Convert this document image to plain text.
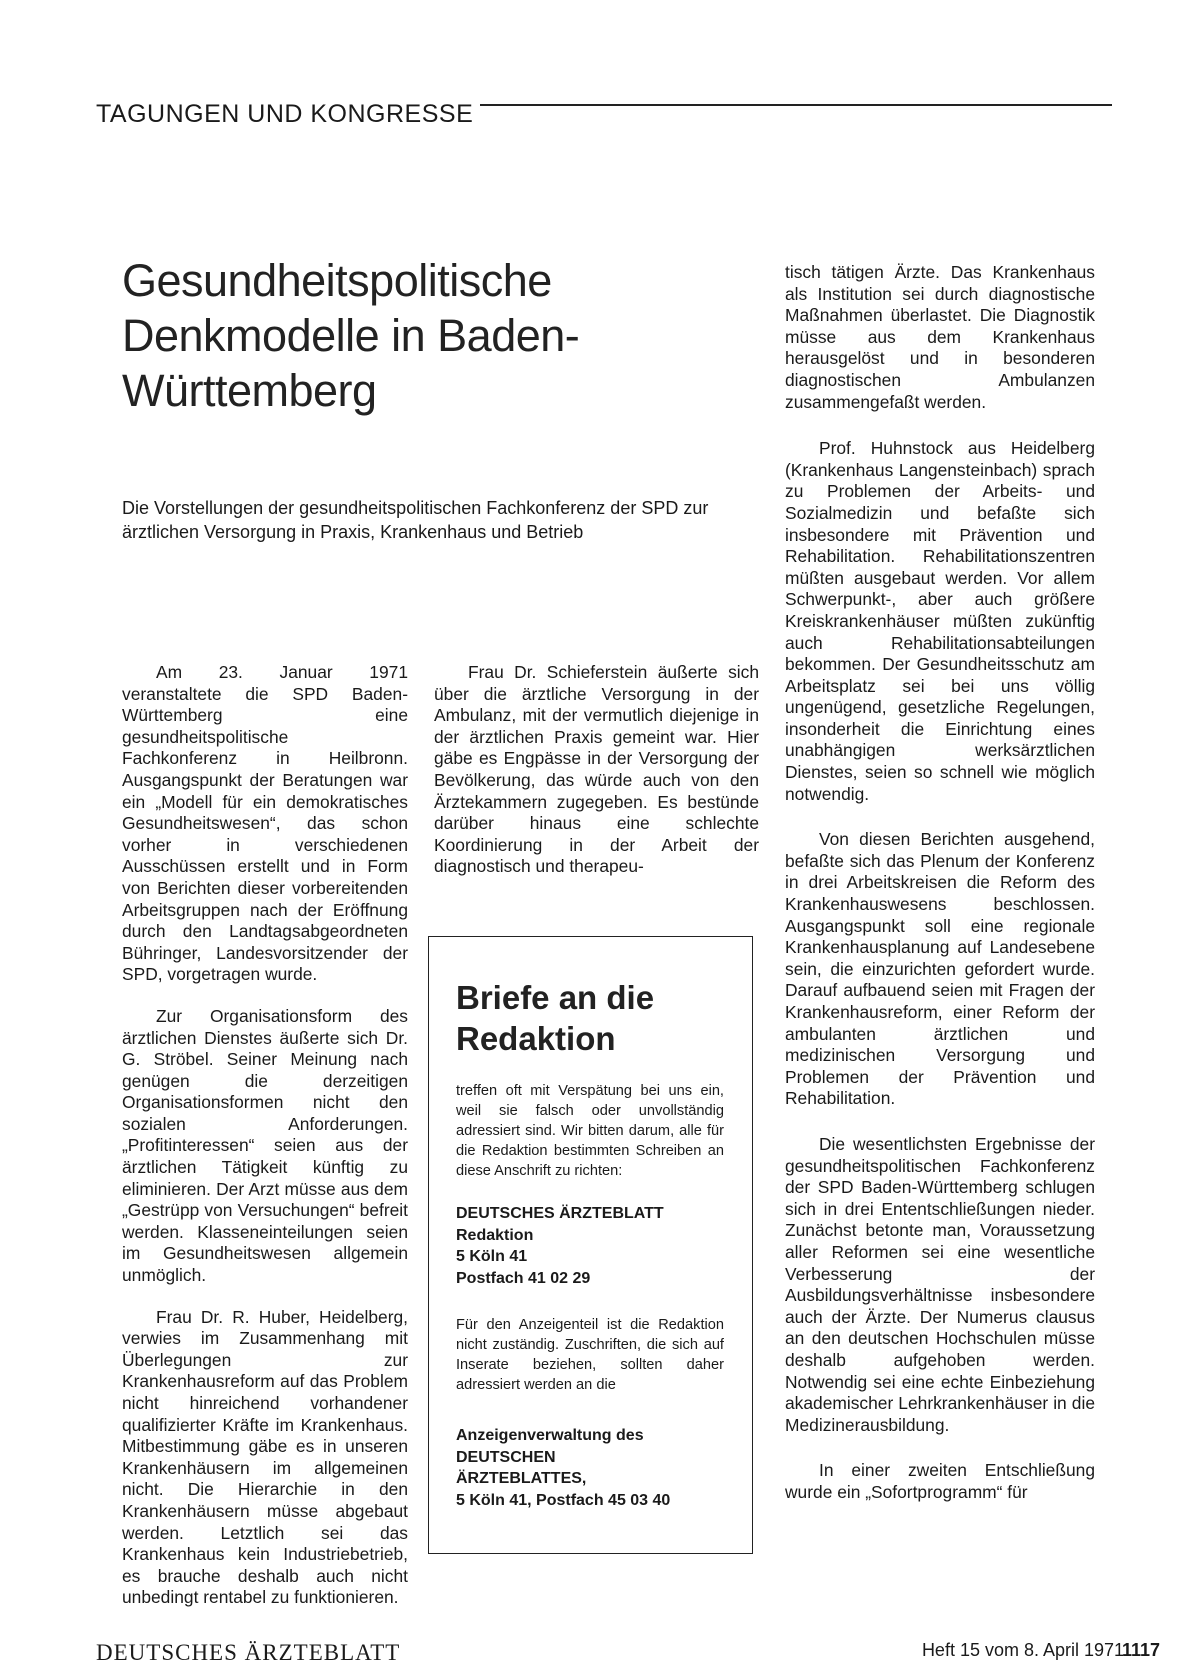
TAGUNGEN UND KONGRESSE
Gesundheitspolitische Denkmodelle in Baden-Württemberg
Die Vorstellungen der gesundheitspolitischen Fachkonferenz der SPD zur ärztlichen Versorgung in Praxis, Krankenhaus und Betrieb

Am 23. Januar 1971 veranstaltete die SPD Baden-Württemberg eine gesundheitspolitische Fachkonferenz in Heilbronn. Ausgangspunkt der Beratungen war ein „Modell für ein demokratisches Gesundheitswesen“, das schon vorher in verschiedenen Ausschüssen erstellt und in Form von Berichten dieser vorbereitenden Arbeitsgruppen nach der Eröffnung durch den Landtagsabgeordneten Bühringer, Landesvorsitzender der SPD, vorgetragen wurde.

Zur Organisationsform des ärztlichen Dienstes äußerte sich Dr. G. Ströbel. Seiner Meinung nach genügen die derzeitigen Organisationsformen nicht den sozialen Anforderungen. „Profitinteressen“ seien aus der ärztlichen Tätigkeit künftig zu eliminieren. Der Arzt müsse aus dem „Gestrüpp von Versuchungen“ befreit werden. Klasseneinteilungen seien im Gesundheitswesen allgemein unmöglich.

Frau Dr. R. Huber, Heidelberg, verwies im Zusammenhang mit Überlegungen zur Krankenhausreform auf das Problem nicht hinreichend vorhandener qualifizierter Kräfte im Krankenhaus. Mitbestimmung gäbe es in unseren Krankenhäusern im allgemeinen nicht. Die Hierarchie in den Krankenhäusern müsse abgebaut werden. Letztlich sei das Krankenhaus kein Industriebetrieb, es brauche deshalb auch nicht unbedingt rentabel zu funktionieren.

Frau Dr. Schieferstein äußerte sich über die ärztliche Versorgung in der Ambulanz, mit der vermutlich diejenige in der ärztlichen Praxis gemeint war. Hier gäbe es Engpässe in der Versorgung der Bevölkerung, das würde auch von den Ärztekammern zugegeben. Es bestünde darüber hinaus eine schlechte Koordinierung in der Arbeit der diagnostisch und therapeu-

Briefe an die Redaktion

treffen oft mit Verspätung bei uns ein, weil sie falsch oder unvollständig adressiert sind. Wir bitten darum, alle für die Redaktion bestimmten Schreiben an diese Anschrift zu richten:

DEUTSCHES ÄRZTEBLATT

Redaktion

5 Köln 41

Postfach 41 02 29

Für den Anzeigenteil ist die Redaktion nicht zuständig. Zuschriften, die sich auf Inserate beziehen, sollten daher adressiert werden an die

Anzeigenverwaltung des

DEUTSCHEN

ÄRZTEBLATTES,

5 Köln 41, Postfach 45 03 40

tisch tätigen Ärzte. Das Krankenhaus als Institution sei durch diagnostische Maßnahmen überlastet. Die Diagnostik müsse aus dem Krankenhaus herausgelöst und in besonderen diagnostischen Ambulanzen zusammengefaßt werden.

Prof. Huhnstock aus Heidelberg (Krankenhaus Langensteinbach) sprach zu Problemen der Arbeits- und Sozialmedizin und befaßte sich insbesondere mit Prävention und Rehabilitation. Rehabilitationszentren müßten ausgebaut werden. Vor allem Schwerpunkt-, aber auch größere Kreiskrankenhäuser müßten zukünftig auch Rehabilitationsabteilungen bekommen. Der Gesundheitsschutz am Arbeitsplatz sei bei uns völlig ungenügend, gesetzliche Regelungen, insonderheit die Einrichtung eines unabhängigen werksärztlichen Dienstes, seien so schnell wie möglich notwendig.

Von diesen Berichten ausgehend, befaßte sich das Plenum der Konferenz in drei Arbeitskreisen die Reform des Krankenhauswesens beschlossen. Ausgangspunkt soll eine regionale Krankenhausplanung auf Landesebene sein, die einzurichten gefordert wurde. Darauf aufbauend seien mit Fragen der Krankenhausreform, einer Reform der ambulanten ärztlichen und medizinischen Versorgung und Problemen der Prävention und Rehabilitation.

Die wesentlichsten Ergebnisse der gesundheitspolitischen Fachkonferenz der SPD Baden-Württemberg schlugen sich in drei Ententschließungen nieder. Zunächst betonte man, Voraussetzung aller Reformen sei eine wesentliche Verbesserung der Ausbildungsverhältnisse insbesondere auch der Ärzte. Der Numerus clausus an den deutschen Hochschulen müsse deshalb aufgehoben werden. Notwendig sei eine echte Einbeziehung akademischer Lehrkrankenhäuser in die Medizinerausbildung.

In einer zweiten Entschließung wurde ein „Sofortprogramm“ für

DEUTSCHES ÄRZTEBLATT	Heft 15 vom 8. April 1971
1117
